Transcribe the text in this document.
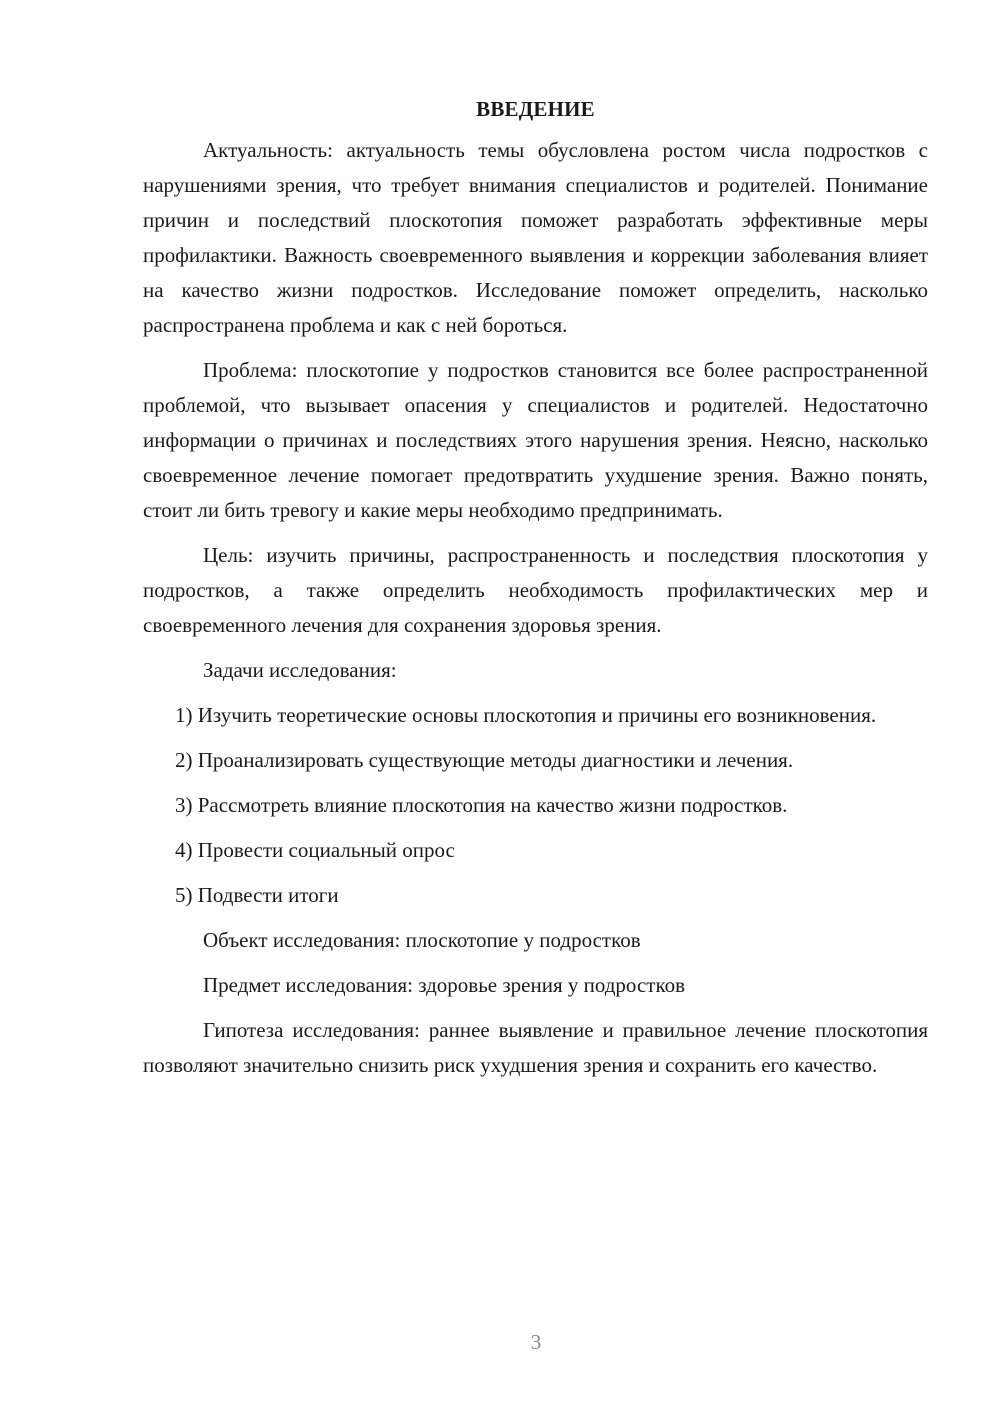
ВВЕДЕНИЕ

Актуальность: актуальность темы обусловлена ростом числа подростков с нарушениями зрения, что требует внимания специалистов и родителей. Понимание причин и последствий плоскотопия поможет разработать эффективные меры профилактики. Важность своевременного выявления и коррекции заболевания влияет на качество жизни подростков. Исследование поможет определить, насколько распространена проблема и как с ней бороться.

Проблема: плоскотопие у подростков становится все более распространенной проблемой, что вызывает опасения у специалистов и родителей. Недостаточно информации о причинах и последствиях этого нарушения зрения. Неясно, насколько своевременное лечение помогает предотвратить ухудшение зрения. Важно понять, стоит ли бить тревогу и какие меры необходимо предпринимать.

Цель: изучить причины, распространенность и последствия плоскотопия у подростков, а также определить необходимость профилактических мер и своевременного лечения для сохранения здоровья зрения.

Задачи исследования:

1) Изучить теоретические основы плоскотопия и причины его возникновения.

2) Проанализировать существующие методы диагностики и лечения.

3) Рассмотреть влияние плоскотопия на качество жизни подростков.

4) Провести социальный опрос

5) Подвести итоги

Объект исследования: плоскотопие у подростков

Предмет исследования: здоровье зрения у подростков

Гипотеза исследования: раннее выявление и правильное лечение плоскотопия позволяют значительно снизить риск ухудшения зрения и сохранить его качество.

3
